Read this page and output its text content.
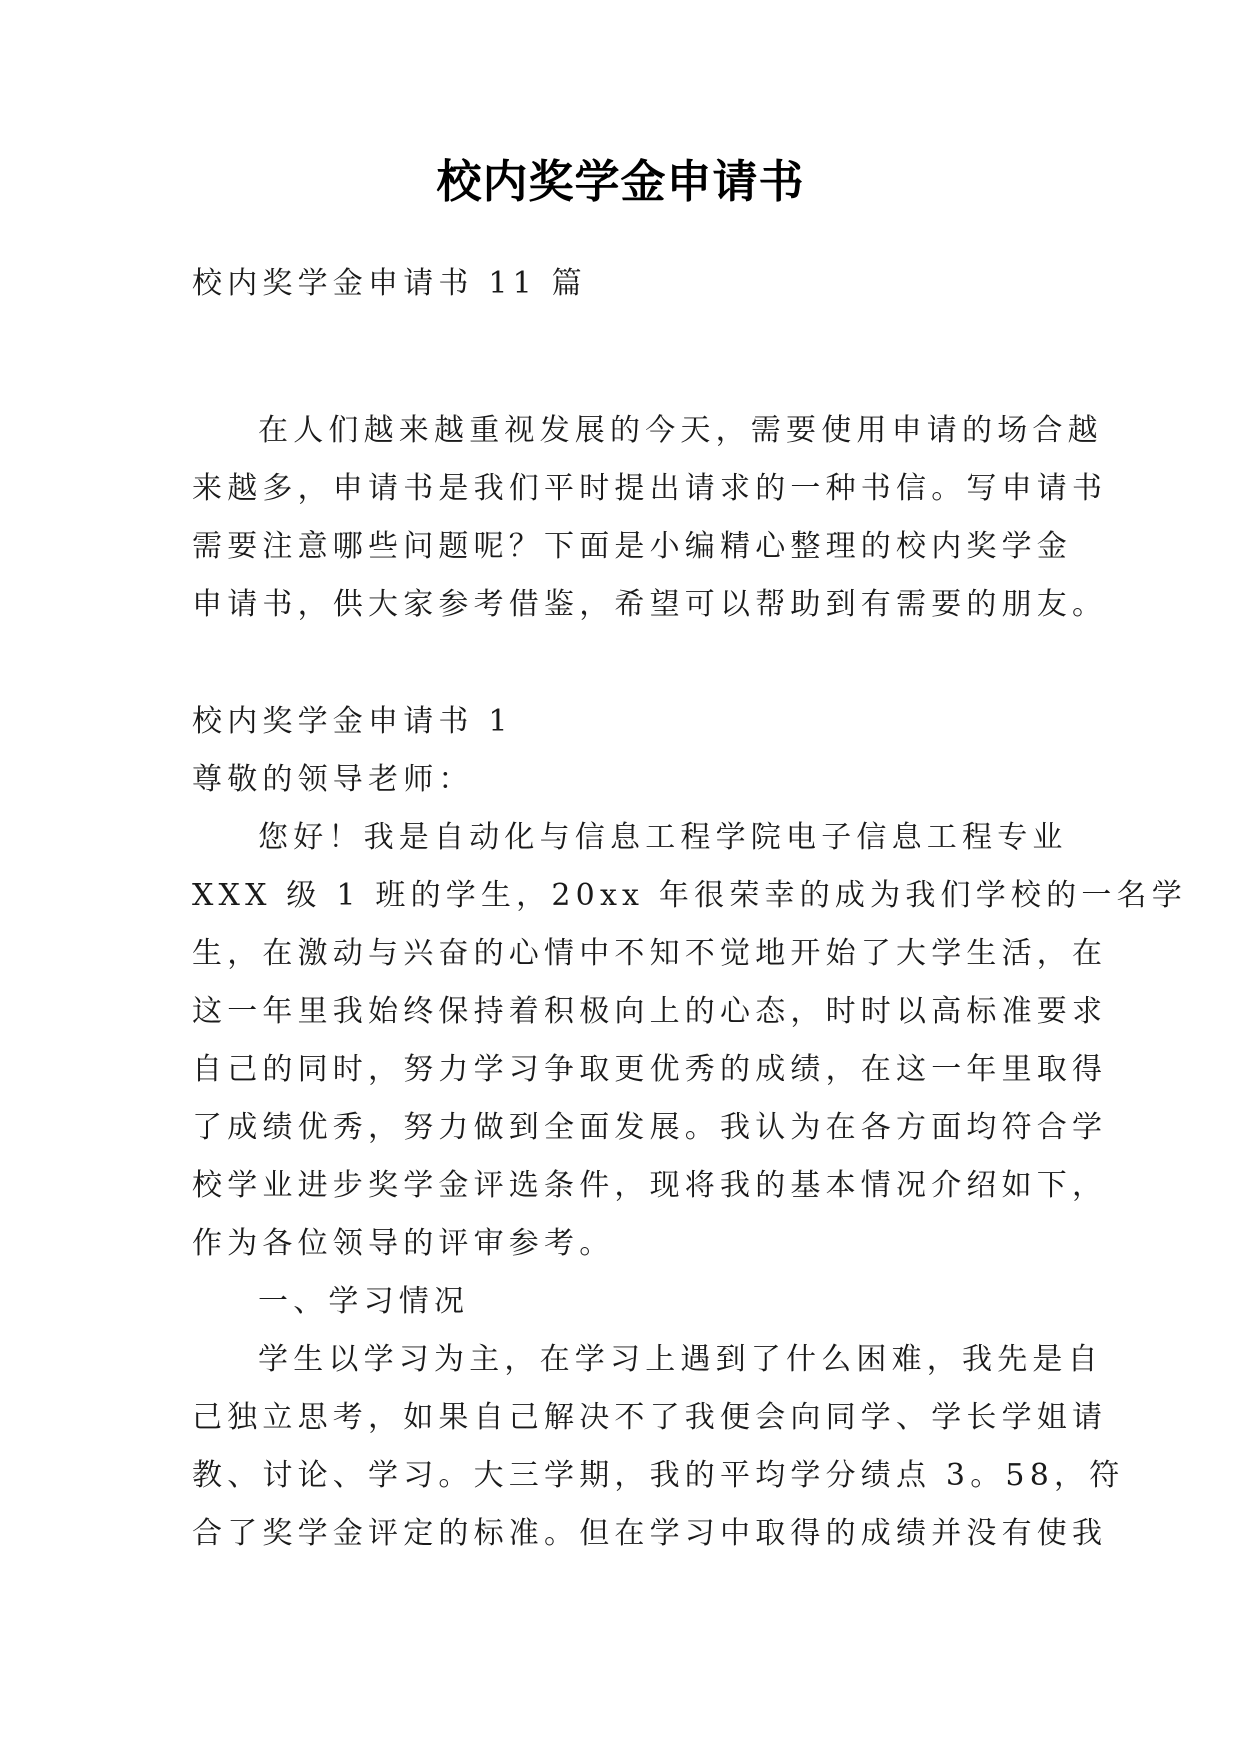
校内奖学金申请书
校内奖学金申请书 11 篇
在人们越来越重视发展的今天，需要使用申请的场合越
来越多，申请书是我们平时提出请求的一种书信。写申请书
需要注意哪些问题呢？下面是小编精心整理的校内奖学金
申请书，供大家参考借鉴，希望可以帮助到有需要的朋友。
校内奖学金申请书 1
尊敬的领导老师：
您好！我是自动化与信息工程学院电子信息工程专业
XXX 级 1 班的学生，20xx 年很荣幸的成为我们学校的一名学
生，在激动与兴奋的心情中不知不觉地开始了大学生活，在
这一年里我始终保持着积极向上的心态，时时以高标准要求
自己的同时，努力学习争取更优秀的成绩，在这一年里取得
了成绩优秀，努力做到全面发展。我认为在各方面均符合学
校学业进步奖学金评选条件，现将我的基本情况介绍如下，
作为各位领导的评审参考。
一、学习情况
学生以学习为主，在学习上遇到了什么困难，我先是自
己独立思考，如果自己解决不了我便会向同学、学长学姐请
教、讨论、学习。大三学期，我的平均学分绩点 3。58，符
合了奖学金评定的标准。但在学习中取得的成绩并没有使我
